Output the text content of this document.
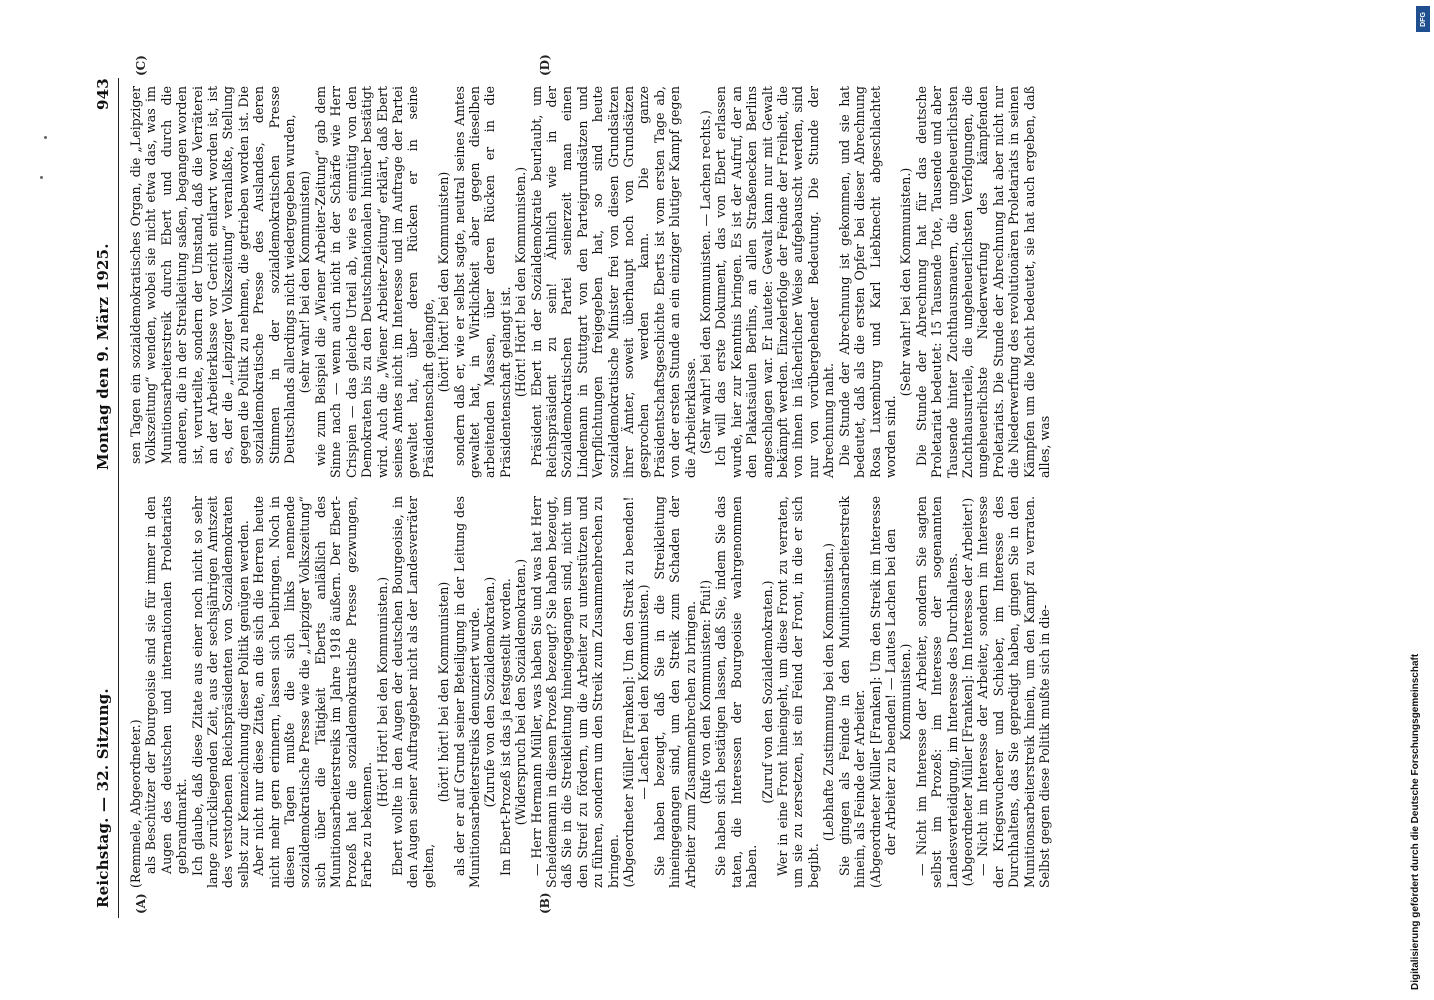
Reichstag. — 32. Sitzung.
Montag den 9. März 1925.
943

(Remmele, Abgeordneter.) als Beschützer der Bourgeoisie sind sie für immer in den Augen des deutschen und internationalen Proletariats gebrandmarkt. Ich glaube, daß diese Zitate aus einer noch nicht so sehr lange zurückliegenden Zeit, aus der sechsjährigen Amtszeit des verstorbenen Reichspräsidenten von Sozialdemokraten selbst zur Kennzeichnung dieser Politik genügen werden. Aber nicht nur diese Zitate, an die sich die Herren heute nicht mehr gern erinnern, lassen sich beibringen. Noch in diesen Tagen mußte die sich links nennende sozialdemokratische Presse wie die „Leipziger Volkszeitung“ sich über die Tätigkeit Eberts anläßlich des Munitionsarbeiterstreiks im Jahre 1918 äußern. Der Ebert-Prozeß hat die sozialdemokratische Presse gezwungen, Farbe zu bekennen.

(Hört! Hört! bei den Kommunisten.) Ebert wollte in den Augen der deutschen Bourgeoisie, in den Augen seiner Auftraggeber nicht als der Landesverräter gelten,

(hört! hört! bei den Kommunisten) als der er auf Grund seiner Beteiligung in der Leitung des Munitionsarbeiterstreiks denunziert wurde. (Zurufe von den Sozialdemokraten.) Im Ebert-Prozeß ist das ja festgestellt worden. (Widerspruch bei den Sozialdemokraten.) — Herr Hermann Müller, was haben Sie und was hat Herr Scheidemann in diesem Prozeß bezeugt? Sie haben bezeugt, daß Sie in die Streikleitung hineingegangen sind, nicht um den Streif zu fördern, um die Arbeiter zu unterstützen und zu führen, sondern um den Streik zum Zusammenbrechen zu bringen. (Abgeordneter Müller [Franken]: Um den Streik zu beenden! — Lachen bei den Kommunisten.) Sie haben bezeugt, daß Sie in die Streikleitung hineingegangen sind, um den Streik zum Schaden der Arbeiter zum Zusammenbrechen zu bringen. (Rufe von den Kommunisten: Pfui!) Sie haben sich bestätigen lassen, daß Sie, indem Sie das taten, die Interessen der Bourgeoisie wahrgenommen haben.

(Zuruf von den Sozialdemokraten.) Wer in eine Front hineingeht, um diese Front zu verraten, um sie zu zersetzen, ist ein Feind der Front, in die er sich begibt.

(Lebhafte Zustimmung bei den Kommunisten.) Sie gingen als Feinde in den Munitionsarbeiterstreik hinein, als Feinde der Arbeiter. (Abgeordneter Müller [Franken]: Um den Streik im Interesse der Arbeiter zu beenden! — Lautes Lachen bei den Kommunisten.) — Nicht im Interesse der Arbeiter, sondern Sie sagten selbst im Prozeß: im Interesse der sogenannten Landesverteidigung, im Interesse des Durchhaltens. (Abgeordneter Müller [Franken]: Im Interesse der Arbeiter!) — Nicht im Interesse der Arbeiter, sondern im Interesse der Kriegswucherer und Schieber, im Interesse des Durchhaltens, das Sie gepredigt haben, gingen Sie in den Munitionsarbeiterstreik hinein, um den Kampf zu verraten. Selbst gegen diese Politik mußte sich in die-

sen Tagen ein sozialdemokratisches Organ, die „Leipziger Volkszeitung“ wenden, wobei sie nicht etwa das, was im Munitionsarbeiterstreik durch Ebert und durch die anderen, die in der Streikleitung saßen, begangen worden ist, verurteilte, sondern der Umstand, daß die Verräterei an der Arbeiterklasse vor Gericht entlarvt worden ist, ist es, der die „Leipziger Volkszeitung“ veranlaßte, Stellung gegen die Politik zu nehmen, die getrieben worden ist. Die sozialdemokratische Presse des Auslandes, deren Stimmen in der sozialdemokratischen Presse Deutschlands allerdings nicht wiedergegeben wurden, (sehr wahr! bei den Kommunisten) wie zum Beispiel die „Wiener Arbeiter-Zeitung“ gab dem Sinne nach — wenn auch nicht in der Schärfe wie Herr Crispien — das gleiche Urteil ab, wie es einmütig von den Demokraten bis zu den Deutschnationalen hinüber bestätigt wird. Auch die „Wiener Arbeiter-Zeitung“ erklärt, daß Ebert seines Amtes nicht im Interesse und im Auftrage der Partei gewaltet hat, über deren Rücken er in seine Präsidentenschaft gelangte, (hört! hört! bei den Kommunisten) sondern daß er, wie er selbst sagte, neutral seines Amtes gewaltet hat, in Wirklichkeit aber gegen dieselben arbeitenden Massen, über deren Rücken er in die Präsidentenschaft gelangt ist. (Hört! Hört! bei den Kommunisten.) Präsident Ebert in der Sozialdemokratie beurlaubt, um Reichspräsident zu sein! Ähnlich wie in der Sozialdemokratischen Partei seinerzeit man einen Lindemann in Stuttgart von den Parteigrundsätzen und Verpflichtungen freigegeben hat, so sind heute sozialdemokratische Minister frei von diesen Grundsätzen ihrer Ämter, soweit überhaupt noch von Grundsätzen gesprochen werden kann. Die ganze Präsidentschaftsgeschichte Eberts ist vom ersten Tage ab, von der ersten Stunde an ein einziger blutiger Kampf gegen die Arbeiterklasse. (Sehr wahr! bei den Kommunisten. — Lachen rechts.) Ich will das erste Dokument, das von Ebert erlassen wurde, hier zur Kenntnis bringen. Es ist der Aufruf, der an den Plakatsäulen Berlins, an allen Straßenecken Berlins angeschlagen war. Er lautete: Gewalt kann nur mit Gewalt bekämpft werden. Einzelerfolge der Feinde der Freiheit, die von ihnen in lächerlicher Weise aufgebauscht werden, sind nur von vorübergehender Bedeutung. Die Stunde der Abrechnung naht. Die Stunde der Abrechnung ist gekommen, und sie hat bedeutet, daß als die ersten Opfer bei dieser Abrechnung Rosa Luxemburg und Karl Liebknecht abgeschlachtet worden sind.

(Sehr wahr! bei den Kommunisten.) Die Stunde der Abrechnung hat für das deutsche Proletariat bedeutet: 15 Tausende Tote, Tausende und aber Tausende hinter Zuchthausmauern, die ungeheuerlichsten Zuchthausurteile, die ungeheuerlichsten Verfolgungen, die ungeheuerlichste Niederwerfung des kämpfenden Proletariats. Die Stunde der Abrechnung hat aber nicht nur die Niederwerfung des revolutionären Proletariats in seinen Kämpfen um die Macht bedeutet, sie hat auch ergeben, daß alles, was

(A)	(B)
(C)	(D)
Digitalisierung gefördert durch die Deutsche Forschungsgemeinschaft
DFG
